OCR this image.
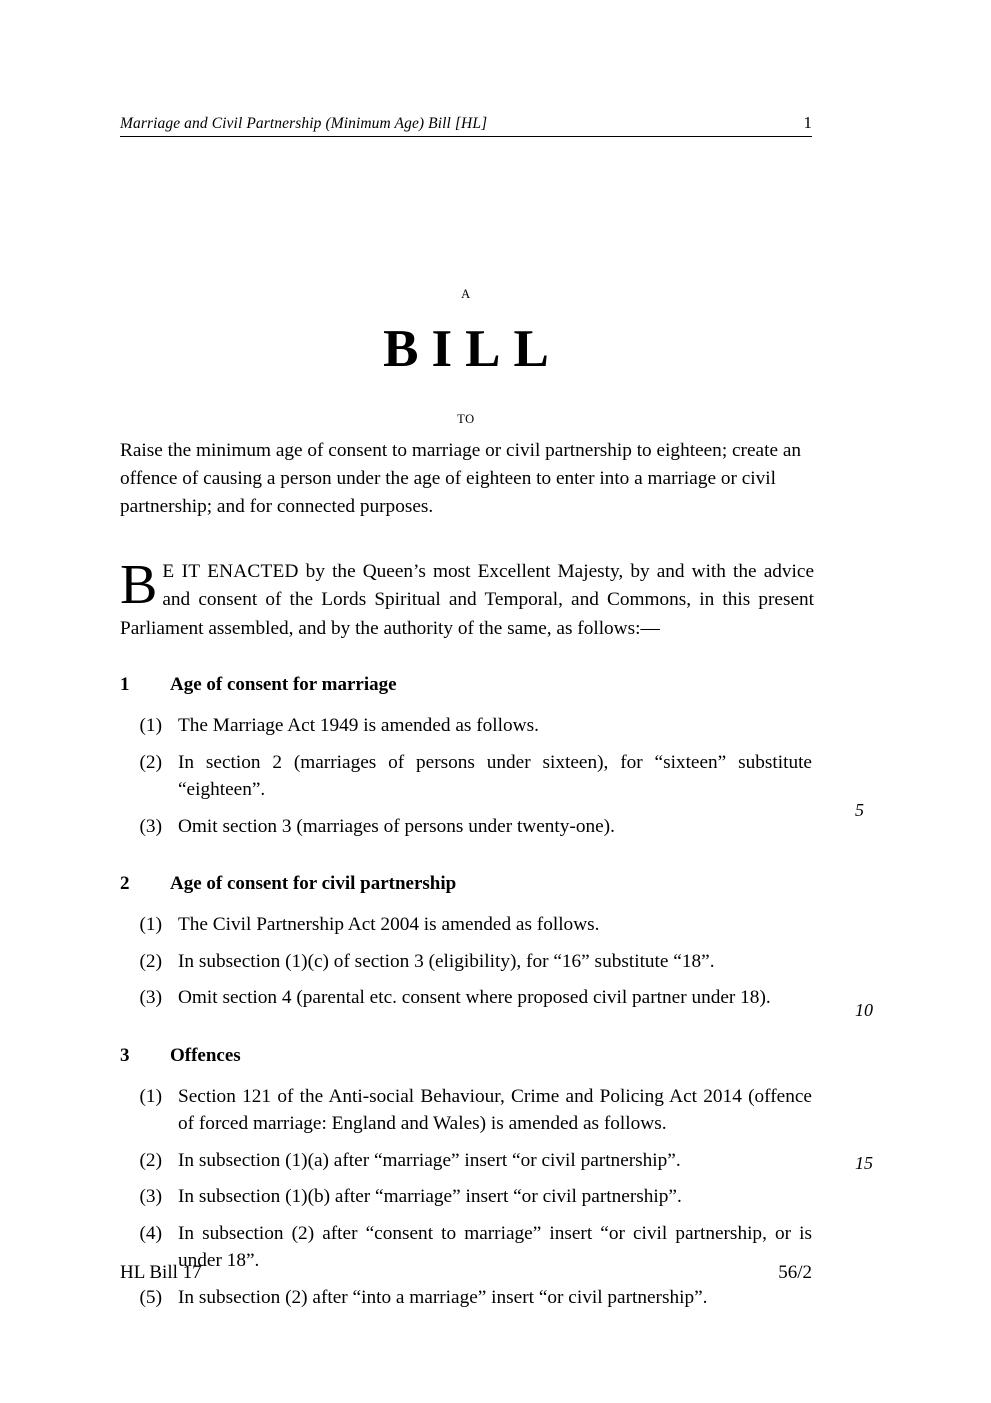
Marriage and Civil Partnership (Minimum Age) Bill [HL]	1
A
BILL
TO
Raise the minimum age of consent to marriage or civil partnership to eighteen; create an offence of causing a person under the age of eighteen to enter into a marriage or civil partnership; and for connected purposes.
B E IT ENACTED by the Queen’s most Excellent Majesty, by and with the advice and consent of the Lords Spiritual and Temporal, and Commons, in this present Parliament assembled, and by the authority of the same, as follows:—
1	Age of consent for marriage
(1) The Marriage Act 1949 is amended as follows.
(2) In section 2 (marriages of persons under sixteen), for “sixteen” substitute “eighteen”.
(3) Omit section 3 (marriages of persons under twenty-one).
2	Age of consent for civil partnership
(1) The Civil Partnership Act 2004 is amended as follows.
(2) In subsection (1)(c) of section 3 (eligibility), for “16” substitute “18”.
(3) Omit section 4 (parental etc. consent where proposed civil partner under 18).
3	Offences
(1) Section 121 of the Anti-social Behaviour, Crime and Policing Act 2014 (offence of forced marriage: England and Wales) is amended as follows.
(2) In subsection (1)(a) after “marriage” insert “or civil partnership”.
(3) In subsection (1)(b) after “marriage” insert “or civil partnership”.
(4) In subsection (2) after “consent to marriage” insert “or civil partnership, or is under 18”.
(5) In subsection (2) after “into a marriage” insert “or civil partnership”.
5
10
15
HL Bill 17	56/2
